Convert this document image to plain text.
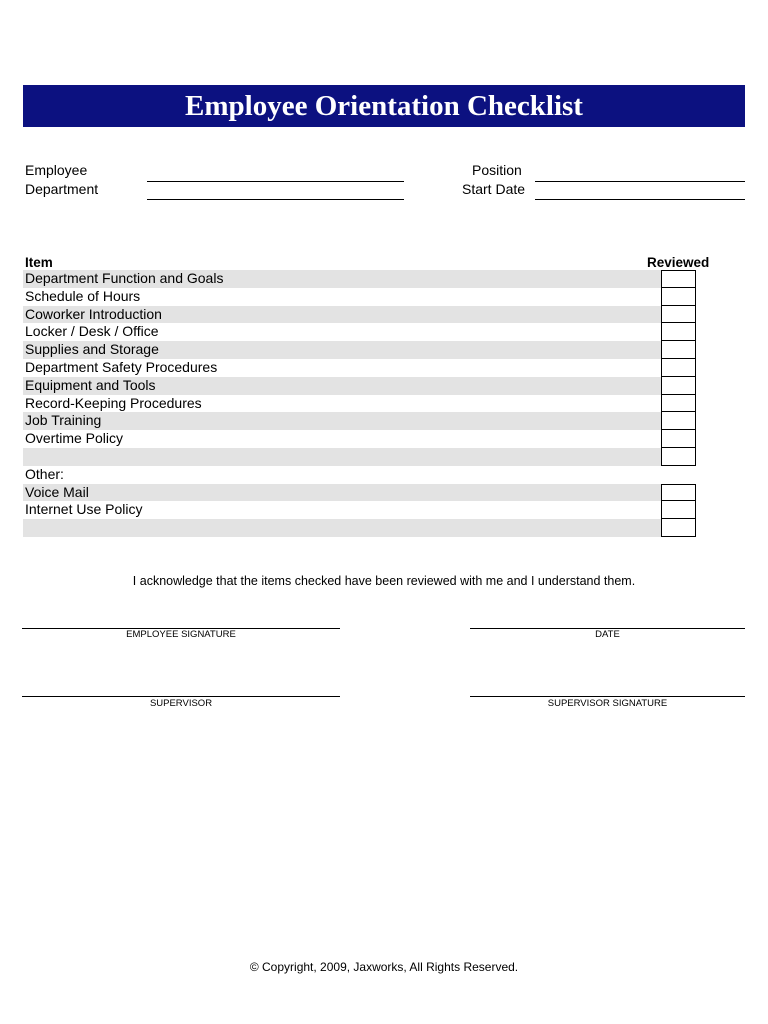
Employee Orientation Checklist
Employee
Department
Position
Start Date
Item	Reviewed
Department Function and Goals
Schedule of Hours
Coworker Introduction
Locker / Desk / Office
Supplies and Storage
Department Safety Procedures
Equipment and Tools
Record-Keeping Procedures
Job Training
Overtime Policy
Other:
Voice Mail
Internet Use Policy
I acknowledge that the items checked have been reviewed with me and I understand them.
EMPLOYEE SIGNATURE	DATE
SUPERVISOR	SUPERVISOR SIGNATURE
© Copyright, 2009, Jaxworks, All Rights Reserved.
